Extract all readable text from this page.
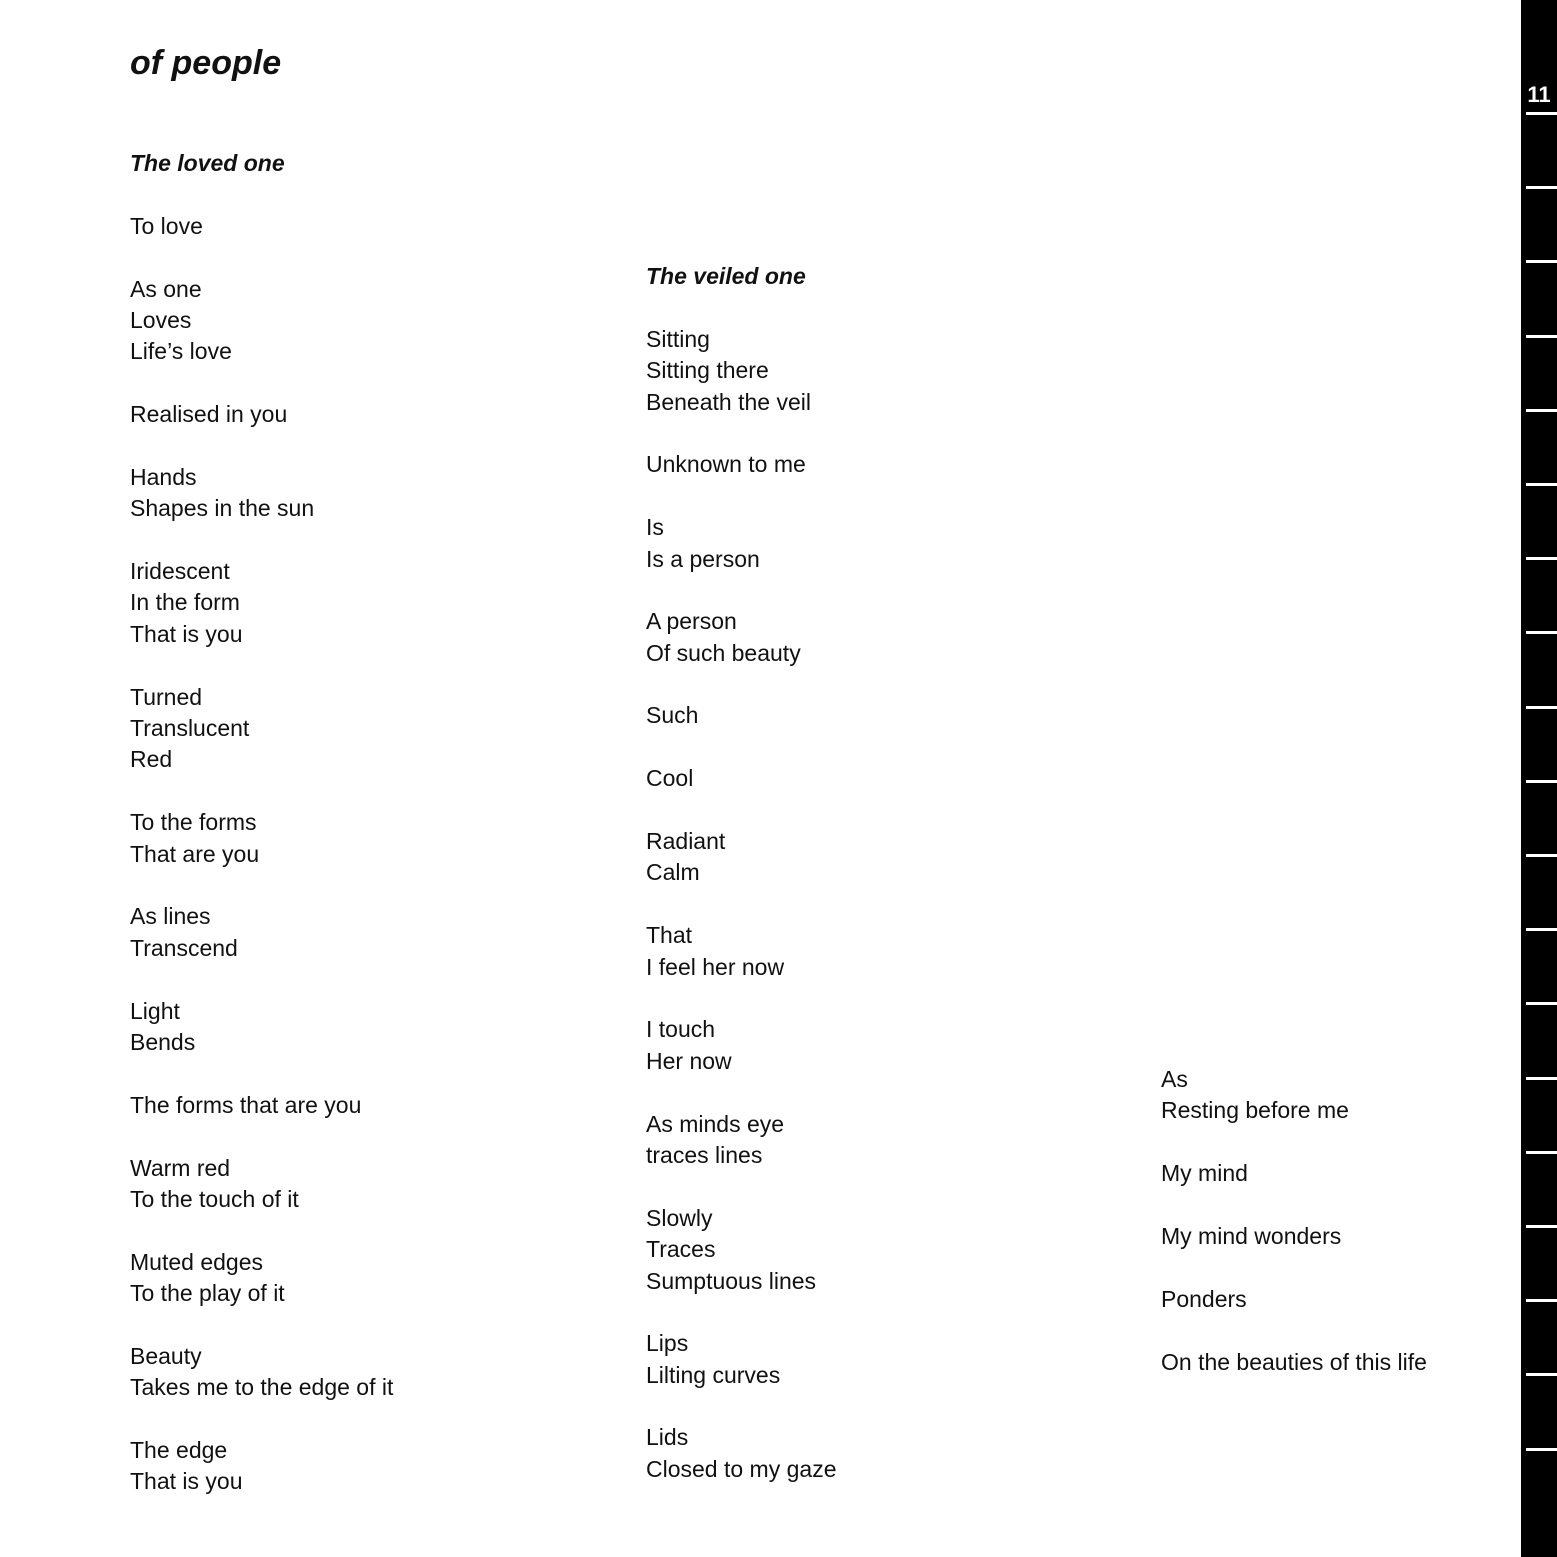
of people
The loved one
To love
As one
Loves
Life’s love
Realised in you
Hands
Shapes in the sun
Iridescent
In the form
That is you
Turned
Translucent
Red
To the forms
That are you
As lines
Transcend
Light
Bends
The forms that are you
Warm red
To the touch of it
Muted edges
To the play of it
Beauty
Takes me to the edge of it
The edge
That is you
The veiled one
Sitting
Sitting there
Beneath the veil
Unknown to me
Is
Is a person
A person
Of such beauty
Such
Cool
Radiant
Calm
That
I feel her now
I touch
Her now
As minds eye
traces lines
Slowly
Traces
Sumptuous lines
Lips
Lilting curves
Lids
Closed to my gaze
As
Resting before me
My mind
My mind wonders
Ponders
On the beauties of this life
11
